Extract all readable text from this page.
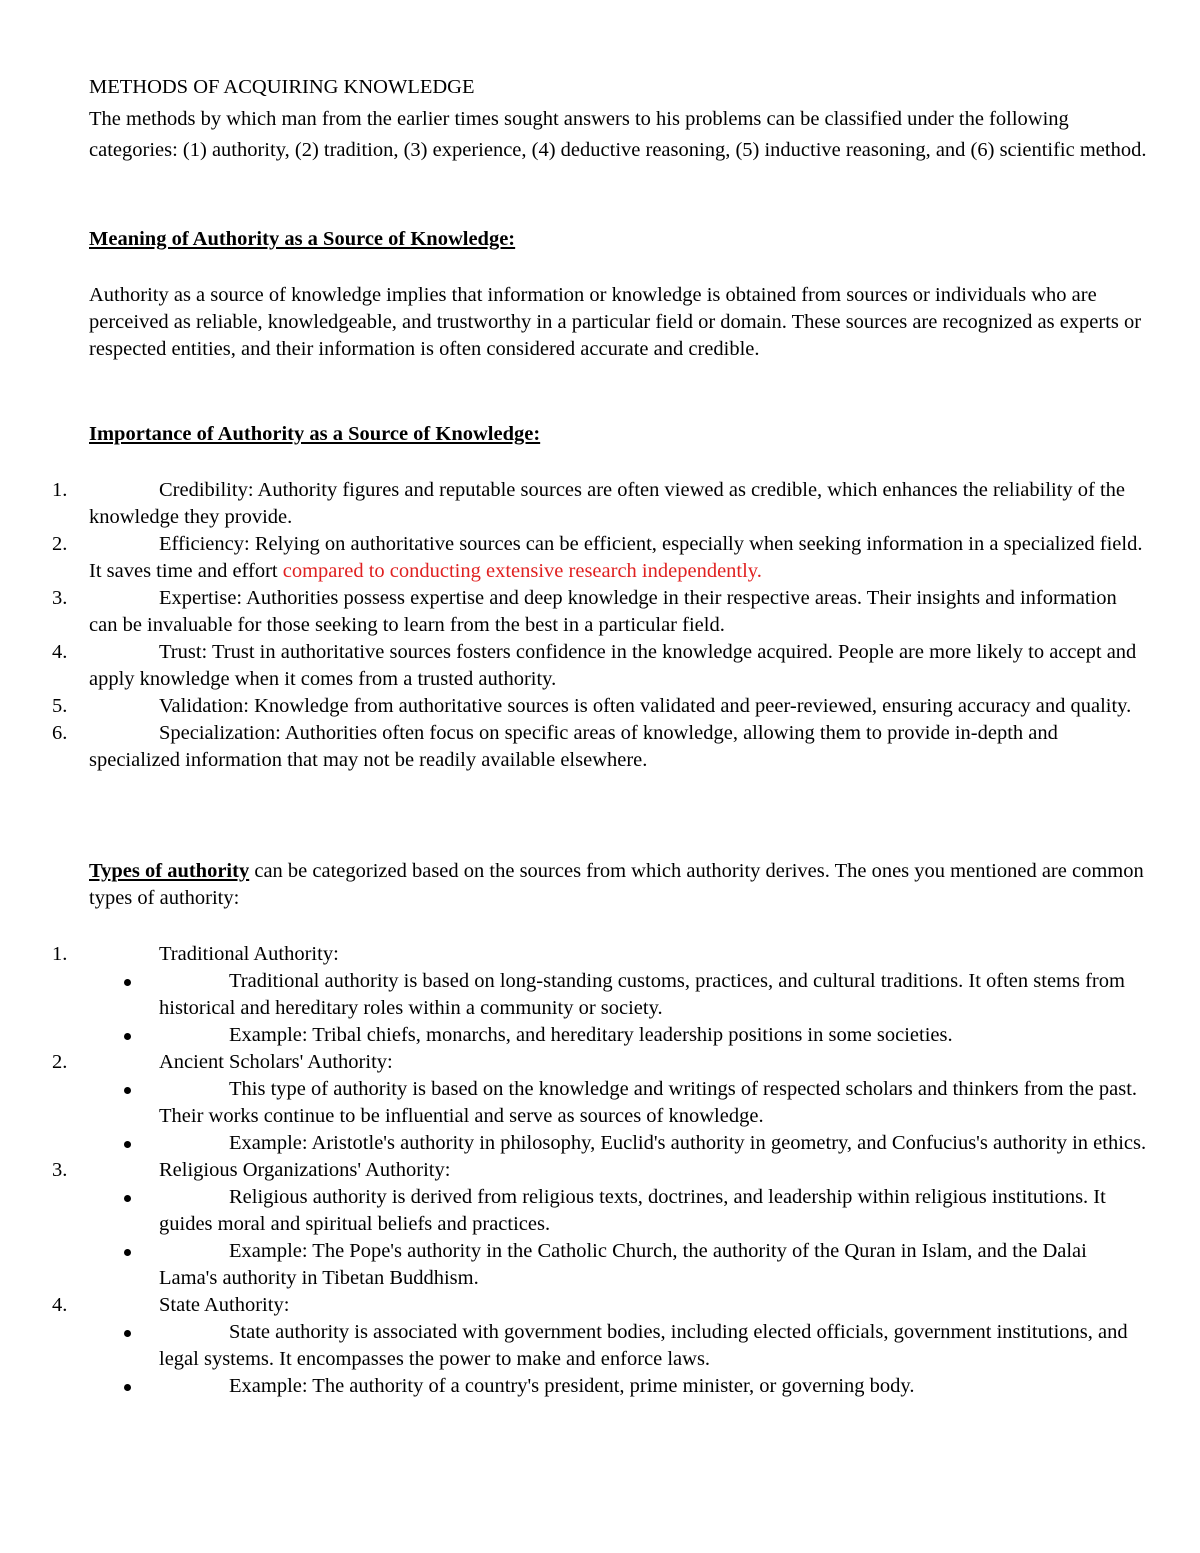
METHODS OF ACQUIRING KNOWLEDGE

The methods by which man from the earlier times sought answers to his problems can be classified under the following categories: (1) authority, (2) tradition, (3) experience, (4) deductive reasoning, (5) inductive reasoning, and (6) scientific method.

Meaning of Authority as a Source of Knowledge:

Authority as a source of knowledge implies that information or knowledge is obtained from sources or individuals who are perceived as reliable, knowledgeable, and trustworthy in a particular field or domain. These sources are recognized as experts or respected entities, and their information is often considered accurate and credible.

Importance of Authority as a Source of Knowledge:
1.	Credibility: Authority figures and reputable sources are often viewed as credible, which enhances the reliability of the knowledge they provide.
2.	Efficiency: Relying on authoritative sources can be efficient, especially when seeking information in a specialized field. It saves time and effort compared to conducting extensive research independently.
3.	Expertise: Authorities possess expertise and deep knowledge in their respective areas. Their insights and information can be invaluable for those seeking to learn from the best in a particular field.
4.	Trust: Trust in authoritative sources fosters confidence in the knowledge acquired. People are more likely to accept and apply knowledge when it comes from a trusted authority.
5.	Validation: Knowledge from authoritative sources is often validated and peer-reviewed, ensuring accuracy and quality.
6.	Specialization: Authorities often focus on specific areas of knowledge, allowing them to provide in-depth and specialized information that may not be readily available elsewhere.

Types of authority can be categorized based on the sources from which authority derives. The ones you mentioned are common types of authority:

1.	Traditional Authority:
Traditional authority is based on long-standing customs, practices, and cultural traditions. It often stems from historical and hereditary roles within a community or society.
Example: Tribal chiefs, monarchs, and hereditary leadership positions in some societies.
2.	Ancient Scholars' Authority:
This type of authority is based on the knowledge and writings of respected scholars and thinkers from the past. Their works continue to be influential and serve as sources of knowledge.
Example: Aristotle's authority in philosophy, Euclid's authority in geometry, and Confucius's authority in ethics.
3.	Religious Organizations' Authority:
Religious authority is derived from religious texts, doctrines, and leadership within religious institutions. It guides moral and spiritual beliefs and practices.
Example: The Pope's authority in the Catholic Church, the authority of the Quran in Islam, and the Dalai Lama's authority in Tibetan Buddhism.
4.	State Authority:
State authority is associated with government bodies, including elected officials, government institutions, and legal systems. It encompasses the power to make and enforce laws.
Example: The authority of a country's president, prime minister, or governing body.
